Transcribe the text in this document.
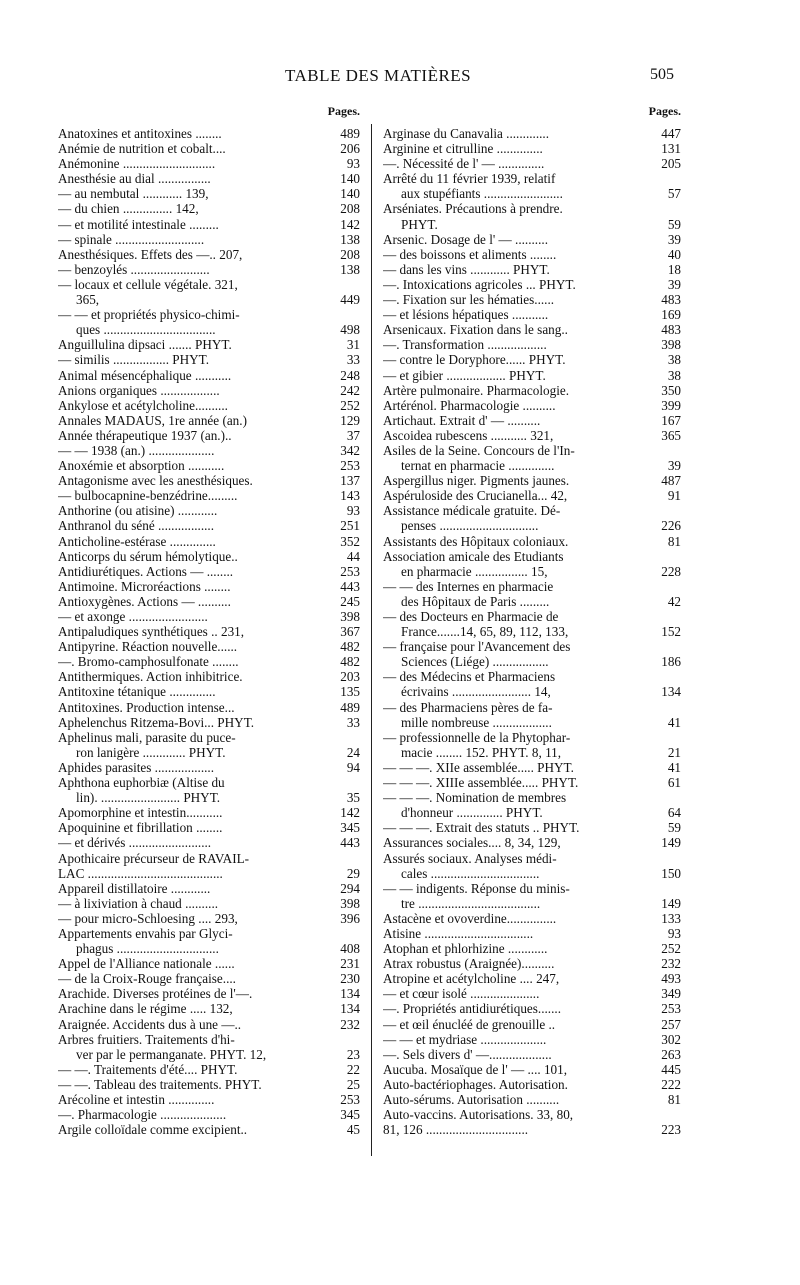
TABLE DES MATIÈRES	505
Pages.
Anatoxines et antitoxines ........	489
Anémie de nutrition et cobalt....	206
Anémonine ............................	93
Anesthésie au dial ................	140
— au nembutal ............ 139,	140
— du chien ............... 142,	208
— et motilité intestinale .........	142
— spinale ...........................	138
Anesthésiques. Effets des —.. 207,	208
— benzoylés ........................	138
— locaux et cellule végétale. 321,
365,	449
— — et propriétés physico-chimi-
ques ..................................	498
Anguillulina dipsaci ....... PHYT.	31
— similis ................. PHYT.	33
Animal mésencéphalique ...........	248
Anions organiques ..................	242
Ankylose et acétylcholine..........	252
Annales MADAUS, 1re année (an.)	129
Année thérapeutique 1937 (an.)..	37
— — 1938 (an.) ....................	342
Anoxémie et absorption ...........	253
Antagonisme avec les anesthésiques.	137
— bulbocapnine-benzédrine.........	143
Anthorine (ou atisine) ............	93
Anthranol du séné .................	251
Anticholine-estérase ..............	352
Anticorps du sérum hémolytique..	44
Antidiurétiques. Actions — ........	253
Antimoine. Microréactions ........	443
Antioxygènes. Actions — ..........	245
— et axonge ........................	398
Antipaludiques synthétiques .. 231,	367
Antipyrine. Réaction nouvelle......	482
—. Bromo-camphosulfonate ........	482
Antithermiques. Action inhibitrice.	203
Antitoxine tétanique ..............	135
Antitoxines. Production intense...	489
Aphelenchus Ritzema-Bovi... PHYT.	33
Aphelinus mali, parasite du puce-
ron lanigère ............. PHYT.	24
Aphides parasites ..................	94
Aphthona euphorbiæ (Altise du
lin). ........................ PHYT.	35
Apomorphine et intestin...........	142
Apoquinine et fibrillation ........	345
— et dérivés .........................	443
Apothicaire précurseur de RAVAIL-
LAC .........................................	29
Appareil distillatoire ............	294
— à lixiviation à chaud ..........	398
— pour micro-Schloesing .... 293,	396
Appartements envahis par Glyci-
phagus ...............................	408
Appel de l'Alliance nationale ......	231
— de la Croix-Rouge française....	230
Arachide. Diverses protéines de l'—.	134
Arachine dans le régime ..... 132,	134
Araignée. Accidents dus à une —..	232
Arbres fruitiers. Traitements d'hi-
ver par le permanganate. PHYT. 12,	23
— —. Traitements d'été.... PHYT.	22
— —. Tableau des traitements. PHYT.	25
Arécoline et intestin ..............	253
—. Pharmacologie ....................	345
Argile colloïdale comme excipient..	45
Pages.
Arginase du Canavalia .............	447
Arginine et citrulline ..............	131
—. Nécessité de l' — ..............	205
Arrêté du 11 février 1939, relatif
aux stupéfiants ........................	57
Arséniates. Précautions à prendre.
PHYT.	59
Arsenic. Dosage de l' — ..........	39
— des boissons et aliments ........	40
— dans les vins ............ PHYT.	18
—. Intoxications agricoles ... PHYT.	39
—. Fixation sur les hématies......	483
— et lésions hépatiques ...........	169
Arsenicaux. Fixation dans le sang..	483
—. Transformation ..................	398
— contre le Doryphore...... PHYT.	38
— et gibier .................. PHYT.	38
Artère pulmonaire. Pharmacologie.	350
Artérénol. Pharmacologie ..........	399
Artichaut. Extrait d' — ..........	167
Ascoidea rubescens ........... 321,	365
Asiles de la Seine. Concours de l'In-
ternat en pharmacie ..............	39
Aspergillus niger. Pigments jaunes.	487
Aspéruloside des Crucianella... 42,	91
Assistance médicale gratuite. Dé-
penses ..............................	226
Assistants des Hôpitaux coloniaux.	81
Association amicale des Etudiants
en pharmacie ................ 15,	228
— — des Internes en pharmacie
des Hôpitaux de Paris .........	42
— des Docteurs en Pharmacie de
France.......14, 65, 89, 112, 133,	152
— française pour l'Avancement des
Sciences (Liége) .................	186
— des Médecins et Pharmaciens
écrivains ........................ 14,	134
— des Pharmaciens pères de fa-
mille nombreuse ..................	41
— professionnelle de la Phytophar-
macie ........ 152. PHYT. 8, 11,	21
— — —. XIIe assemblée..... PHYT.	41
— — —. XIIIe assemblée..... PHYT.	61
— — —. Nomination de membres
d'honneur .............. PHYT.	64
— — —. Extrait des statuts .. PHYT.	59
Assurances sociales.... 8, 34, 129,	149
Assurés sociaux. Analyses médi-
cales .................................	150
— — indigents. Réponse du minis-
tre .....................................	149
Astacène et ovoverdine...............	133
Atisine .................................	93
Atophan et phlorhizine ............	252
Atrax robustus (Araignée)..........	232
Atropine et acétylcholine .... 247,	493
— et cœur isolé .....................	349
—. Propriétés antidiurétiques.......	253
— et œil énucléé de grenouille ..	257
— — et mydriase ....................	302
—. Sels divers d' —...................	263
Aucuba. Mosaïque de l' — .... 101,	445
Auto-bactériophages. Autorisation.	222
Auto-sérums. Autorisation ..........	81
Auto-vaccins. Autorisations. 33, 80,
81, 126 ...............................	223
